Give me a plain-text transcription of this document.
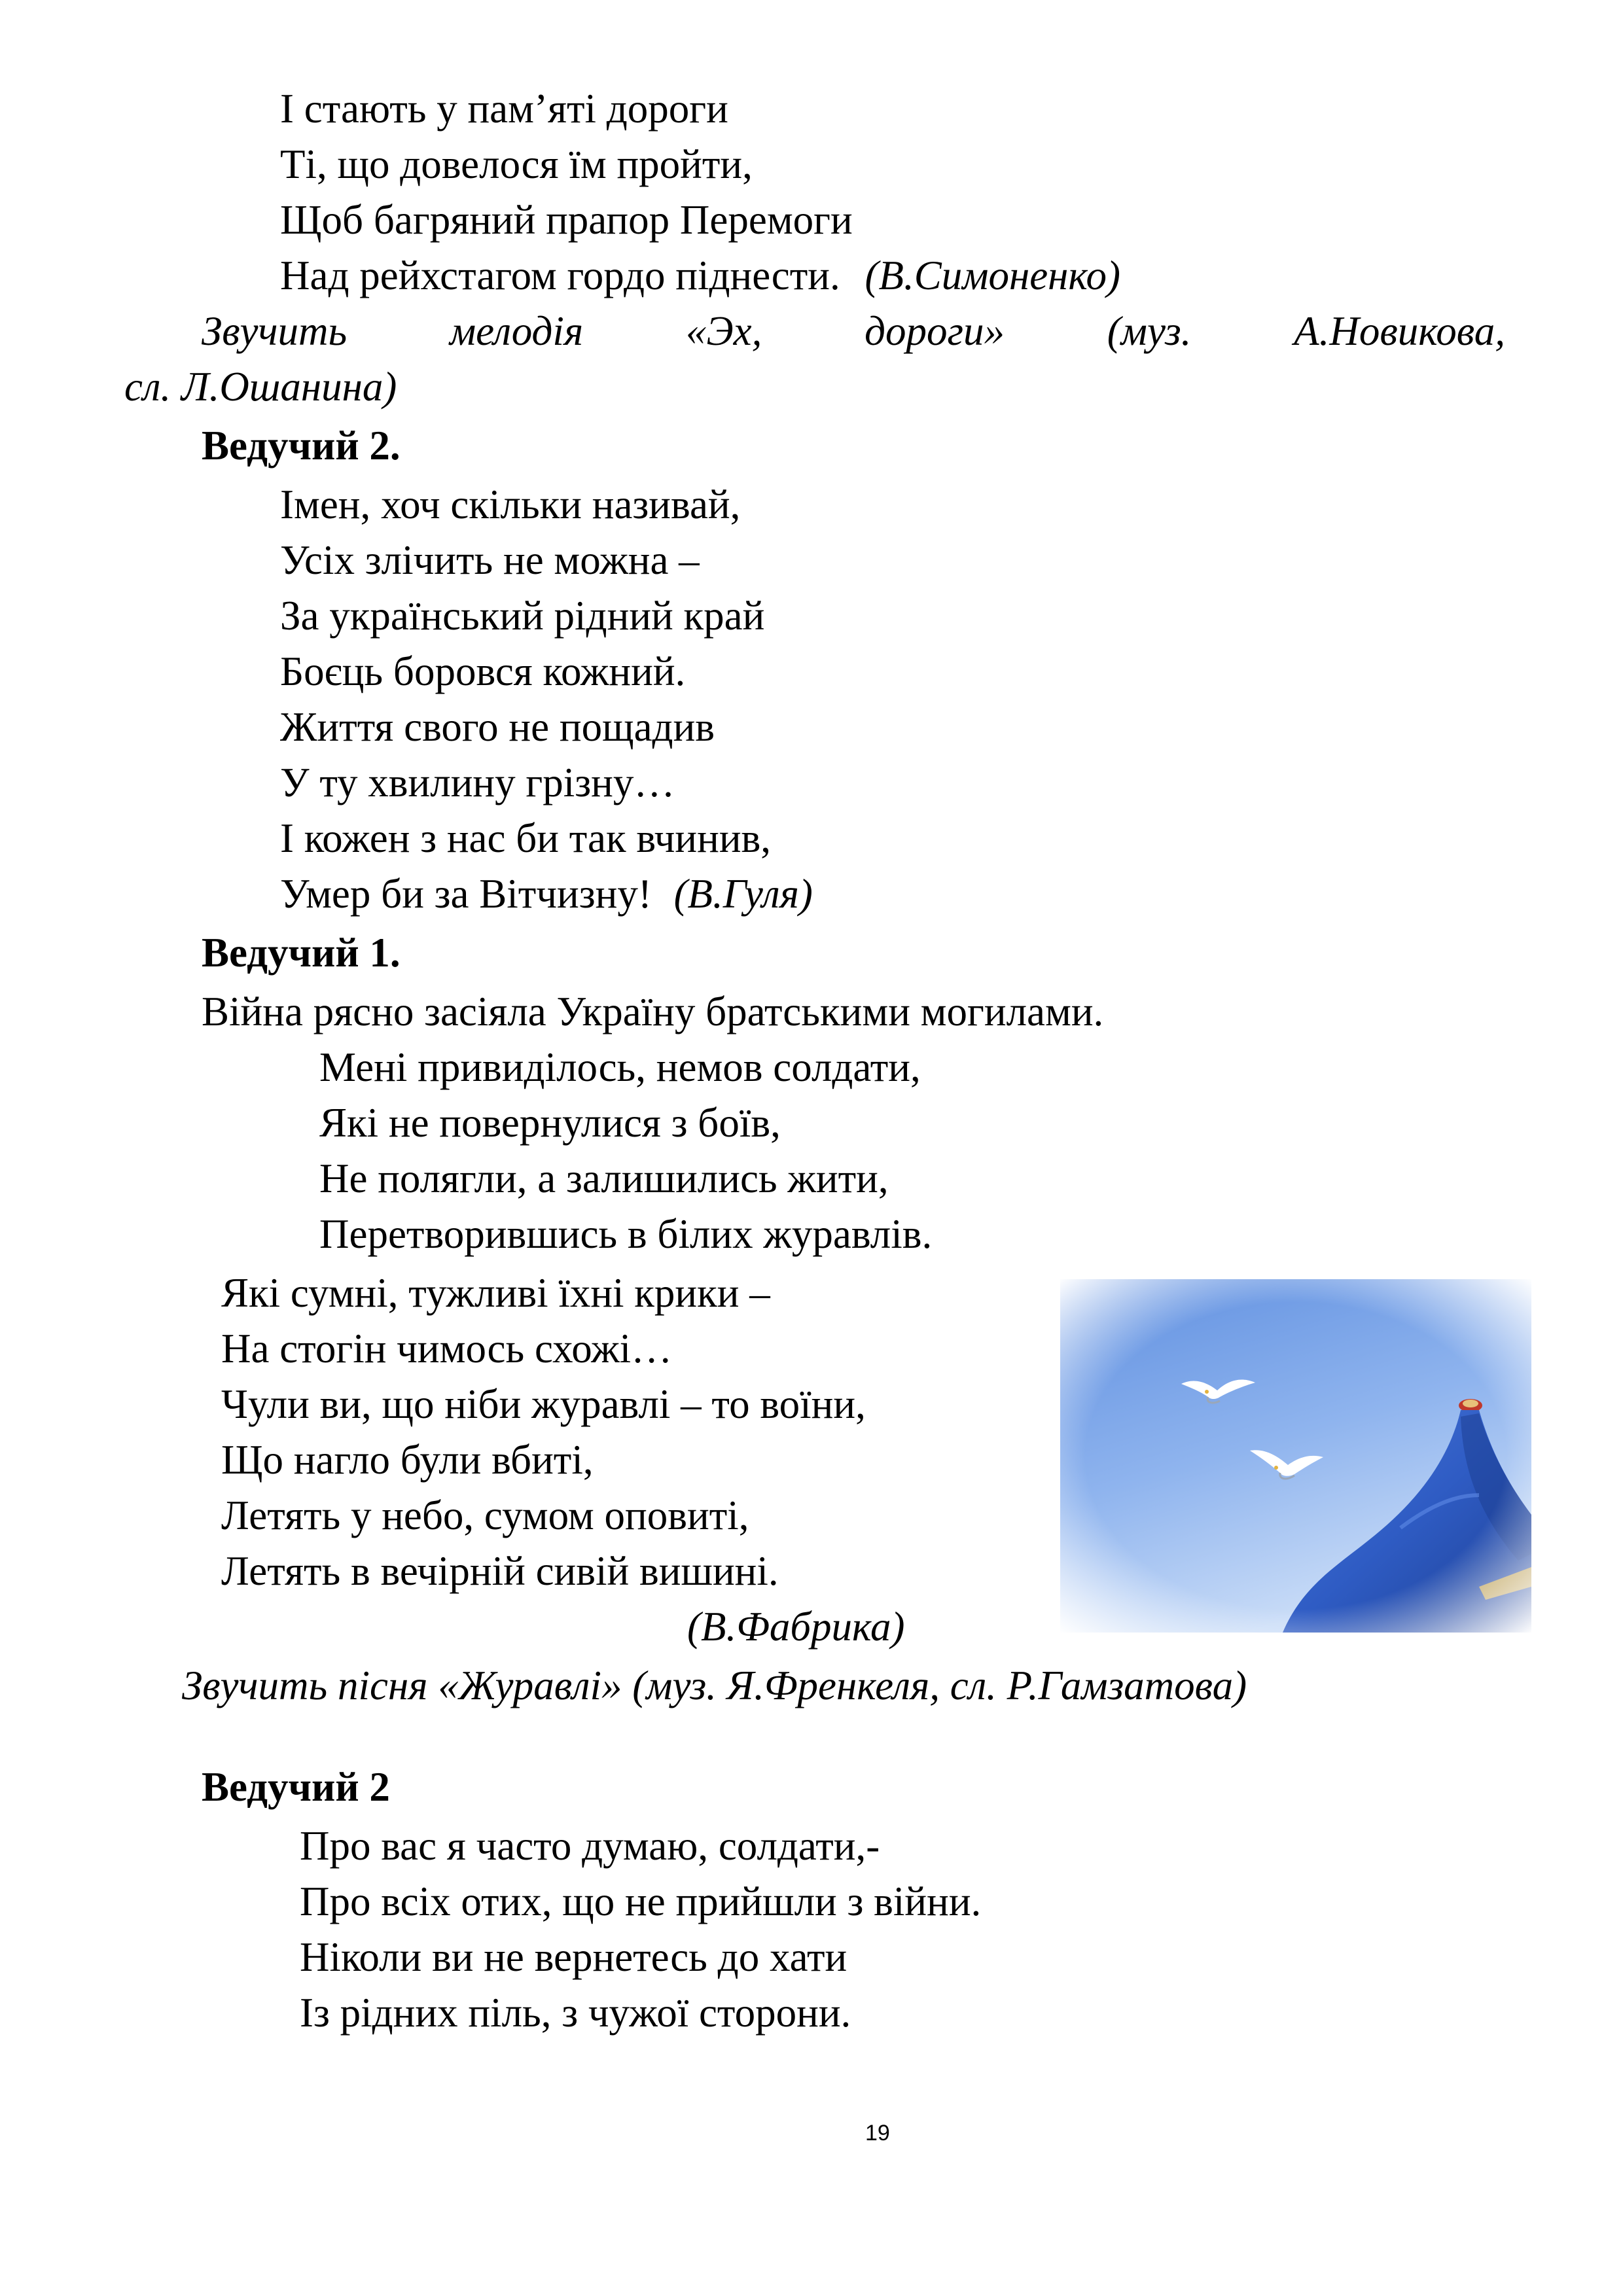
І стають у пам’яті дороги
Ті, що довелося їм пройти,
Щоб багряний прапор Перемоги
Над рейхстагом гордо піднести. (В.Симоненко)
Звучить мелодія «Эх, дороги» (муз. А.Новикова,
сл. Л.Ошанина)
Ведучий 2.
Імен, хоч скільки називай,
Усіх злічить не можна –
За український рідний край
Боєць боровся кожний.
Життя свого не пощадив
У ту хвилину грізну…
І кожен з нас би так вчинив,
Умер би за Вітчизну! (В.Гуля)
Ведучий 1.
Війна рясно засіяла Україну братськими могилами.
Мені привиділось, немов солдати,
Які не повернулися з боїв,
Не полягли, а залишились жити,
Перетворившись в білих журавлів.
Які сумні, тужливі їхні крики –
На стогін чимось схожі…
Чули ви, що ніби журавлі – то воїни,
Що нагло були вбиті,
Летять у небо, сумом оповиті,
Летять в вечірній сивій вишині.
(В.Фабрика)
Звучить пісня «Журавлі» (муз. Я.Френкеля, сл. Р.Гамзатова)
Ведучий 2
Про вас я часто думаю, солдати,-
Про всіх отих, що не прийшли з війни.
Ніколи ви не вернетесь до хати
Із рідних піль, з чужої сторони.
19
